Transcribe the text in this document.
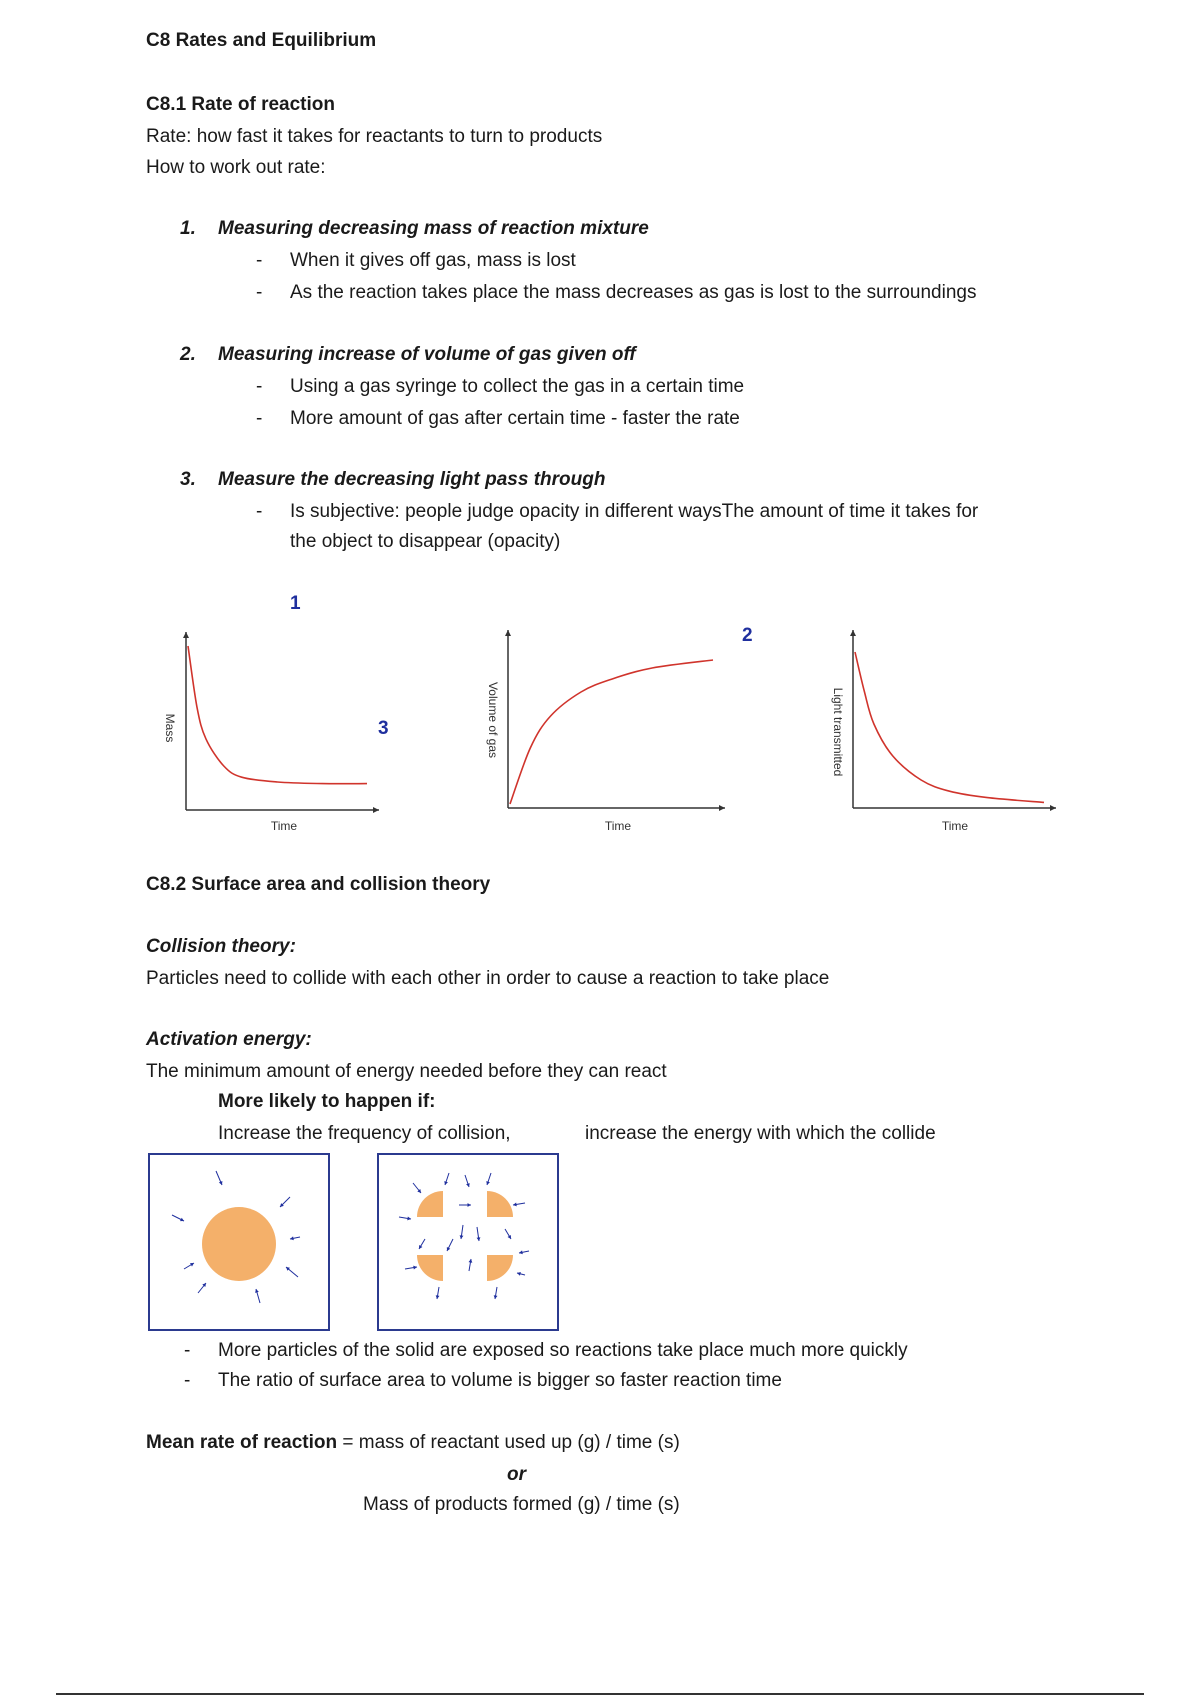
C8 Rates and Equilibrium
C8.1 Rate of reaction
Rate: how fast it takes for reactants to turn to products
How to work out rate:
1. Measuring decreasing mass of reaction mixture
- When it gives off gas, mass is lost
- As the reaction takes place the mass decreases as gas is lost to the surroundings
2. Measuring increase of volume of gas given off
- Using a gas syringe to collect the gas in a certain time
- More amount of gas after certain time - faster the rate
3. Measure the decreasing light pass through
- Is subjective: people judge opacity in different waysThe amount of time it takes for
the object to disappear (opacity)
1
2
3
Time
Mass
Time
Volume of gas
Time
Light transmitted
C8.2 Surface area and collision theory
Collision theory:
Particles need to collide with each other in order to cause a reaction to take place
Activation energy:
The minimum amount of energy needed before they can react
More likely to happen if:
Increase the frequency of collision,	increase the energy with which the collide
- More particles of the solid are exposed so reactions take place much more quickly
- The ratio of surface area to volume is bigger so faster reaction time
Mean rate of reaction = mass of reactant used up (g) / time (s)
or
Mass of products formed (g) / time (s)
